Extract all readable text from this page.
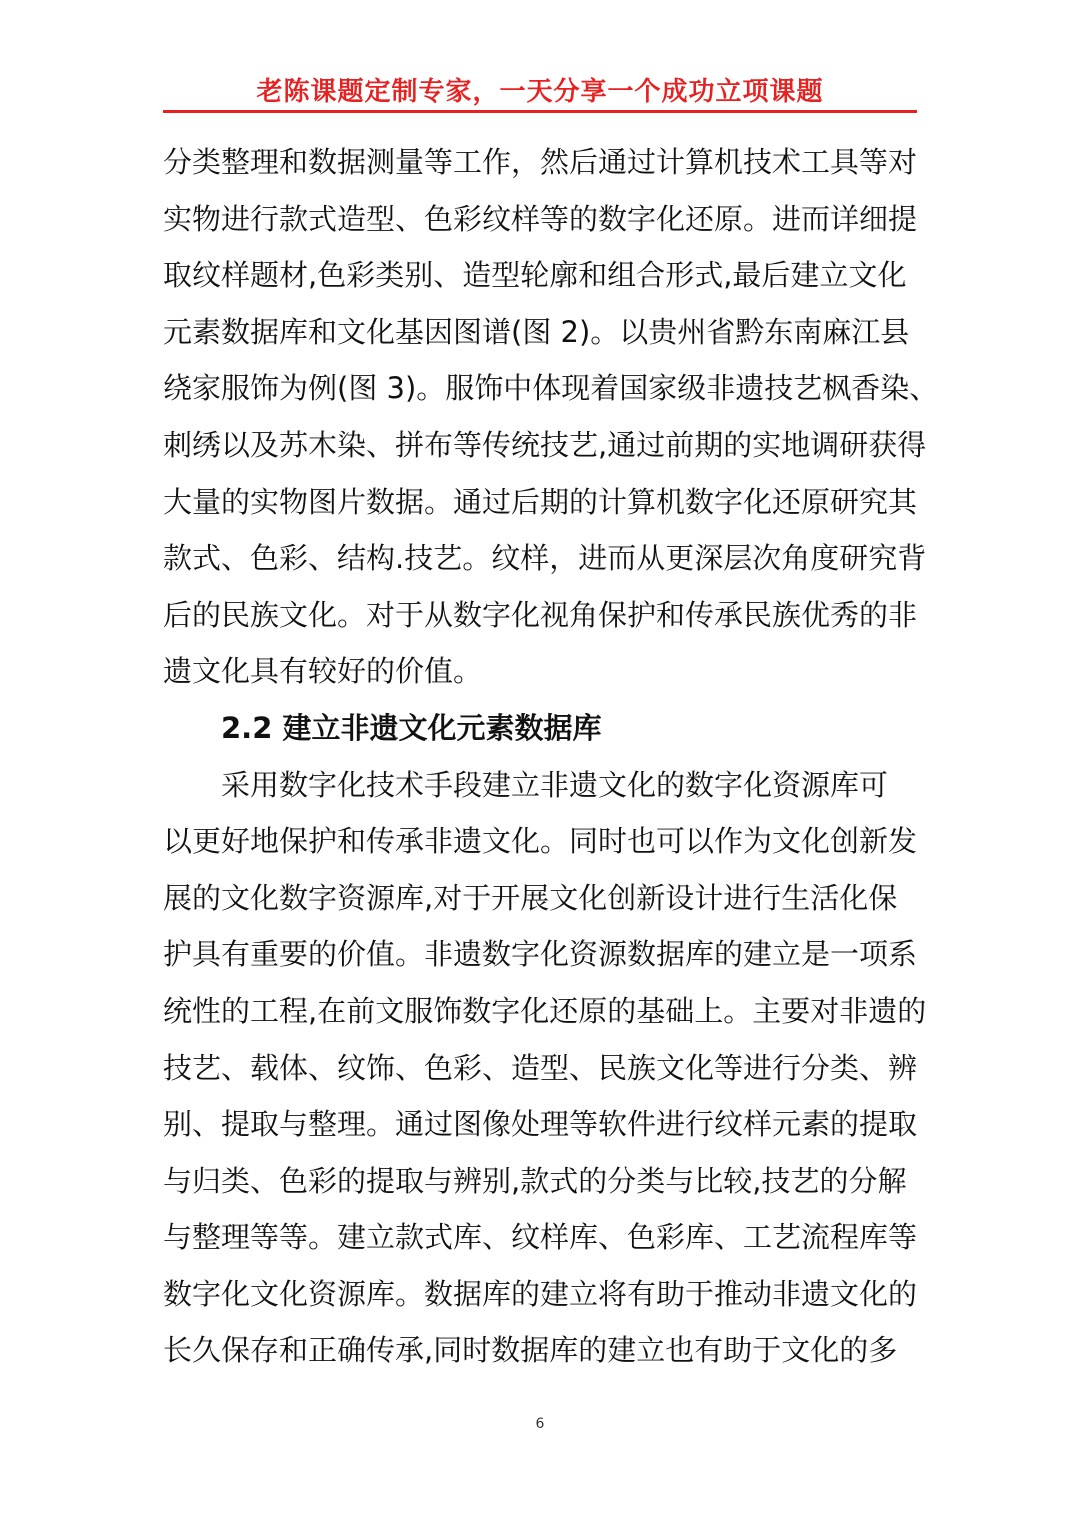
老陈课题定制专家，一天分享一个成功立项课题
分类整理和数据测量等工作，然后通过计算机技术工具等对
实物进行款式造型、色彩纹样等的数字化还原。进而详细提
取纹样题材,色彩类别、造型轮廓和组合形式,最后建立文化
元素数据库和文化基因图谱(图 2)。以贵州省黔东南麻江县
绕家服饰为例(图 3)。服饰中体现着国家级非遗技艺枫香染、
刺绣以及苏木染、拼布等传统技艺,通过前期的实地调研获得
大量的实物图片数据。通过后期的计算机数字化还原研究其
款式、色彩、结构.技艺。纹样，进而从更深层次角度研究背
后的民族文化。对于从数字化视角保护和传承民族优秀的非
遗文化具有较好的价值。
2.2 建立非遗文化元素数据库
采用数字化技术手段建立非遗文化的数字化资源库可
以更好地保护和传承非遗文化。同时也可以作为文化创新发
展的文化数字资源库,对于开展文化创新设计进行生活化保
护具有重要的价值。非遗数字化资源数据库的建立是一项系
统性的工程,在前文服饰数字化还原的基础上。主要对非遗的
技艺、载体、纹饰、色彩、造型、民族文化等进行分类、辨
别、提取与整理。通过图像处理等软件进行纹样元素的提取
与归类、色彩的提取与辨别,款式的分类与比较,技艺的分解
与整理等等。建立款式库、纹样库、色彩库、工艺流程库等
数字化文化资源库。数据库的建立将有助于推动非遗文化的
长久保存和正确传承,同时数据库的建立也有助于文化的多
6
